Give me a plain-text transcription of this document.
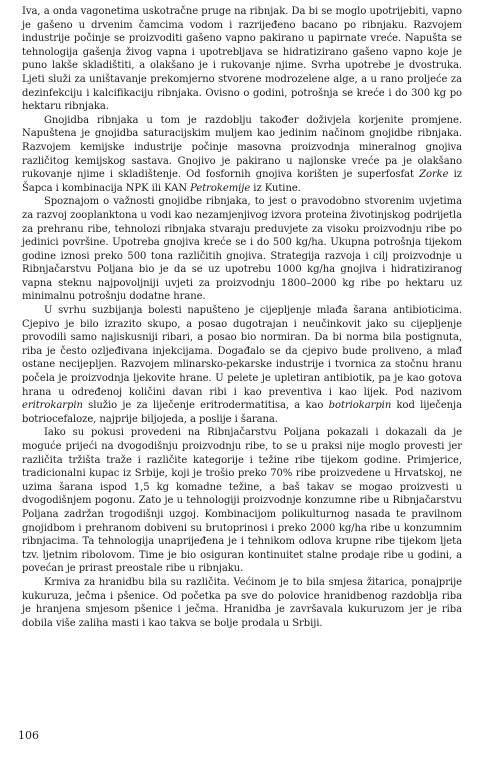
Iva, a onda vagonetima uskotračne pruge na ribnjak. Da bi se moglo upotrijebiti, vapno je gašeno u drvenim čamcima vodom i razrijeđeno bacano po ribnjaku. Razvojem industrije počinje se proizvoditi gašeno vapno pakirano u papirnate vreće. Napušta se tehnologija gašenja živog vapna i upotrebljava se hidratizirano gašeno vapno koje je puno lakše skladištiti, a olakšano je i rukovanje njime. Svrha upotrebe je dvostruka. Ljeti služi za uništavanje prekomjerno stvorene modrozelene alge, a u rano proljeće za dezinfekciju i kalcifikaciju ribnjaka. Ovisno o godini, potrošnja se kreće i do 300 kg po hektaru ribnjaka.

Gnojidba ribnjaka u tom je razdoblju također doživjela korjenite promjene. Napuštena je gnojidba saturacijskim muljem kao jedinim načinom gnojidbe ribnjaka. Razvojem kemijske industrije počinje masovna proizvodnja mineralnog gnojiva različitog kemijskog sastava. Gnojivo je pakirano u najlonske vreće pa je olakšano rukovanje njime i skladištenje. Od fosfornih gnojiva korišten je superfosfat Zorke iz Šapca i kombinacija NPK ili KAN Petrokemije iz Kutine.

Spoznajom o važnosti gnojidbe ribnjaka, to jest o pravodobno stvorenim uvjetima za razvoj zooplanktona u vodi kao nezamjenjivog izvora proteina životinjskog podrijetla za prehranu ribe, tehnolozi ribnjaka stvaraju preduvjete za visoku proizvodnju ribe po jedinici površine. Upotreba gnojiva kreće se i do 500 kg/ha. Ukupna potrošnja tijekom godine iznosi preko 500 tona različitih gnojiva. Strategija razvoja i cilj proizvodnje u Ribnjačarstvu Poljana bio je da se uz upotrebu 1000 kg/ha gnojiva i hidratiziranog vapna steknu najpovoljniji uvjeti za proizvodnju 1800–2000 kg ribe po hektaru uz minimalnu potrošnju dodatne hrane.

U svrhu suzbijanja bolesti napušteno je cijepljenje mlađa šarana antibioticima. Cjepivo je bilo izrazito skupo, a posao dugotrajan i neučinkovit jako su cijepljenje provodili samo najiskusniji ribari, a posao bio normiran. Da bi norma bila postignuta, riba je često ozljeđivana injekcijama. Događalo se da cjepivo bude proliveno, a mlađ ostane necijepljen. Razvojem mlinarsko-pekarske industrije i tvornica za stočnu hranu počela je proizvodnja ljekovite hrane. U pelete je upletiran antibiotik, pa je kao gotova hrana u određenoj količini davan ribi i kao preventiva i kao lijek. Pod nazivom eritrokarpin služio je za liječenje eritrodermatitisa, a kao botriokarpin kod liječenja botriocefaloze, najprije biljojeda, a poslije i šarana.

Iako su pokusi provedeni na Ribnjačarstvu Poljana pokazali i dokazali da je moguće prijeći na dvogodišnju proizvodnju ribe, to se u praksi nije moglo provesti jer različita tržišta traže i različite kategorije i težine ribe tijekom godine. Primjerice, tradicionalni kupac iz Srbije, koji je trošio preko 70% ribe proizvedene u Hrvatskoj, ne uzima šarana ispod 1,5 kg komadne težine, a baš takav se mogao proizvesti u dvogodišnjem pogonu. Zato je u tehnologiji proizvodnje konzumne ribe u Ribnjačarstvu Poljana zadržan trogodišnji uzgoj. Kombinacijom polikulturnog nasada te pravilnom gnojidbom i prehranom dobiveni su brutoprinosi i preko 2000 kg/ha ribe u konzumnim ribnjacima. Ta tehnologija unaprijeđena je i tehnikom odlova krupne ribe tijekom ljeta tzv. ljetnim ribolovom. Time je bio osiguran kontinuitet stalne prodaje ribe u godini, a povećan je prirast preostale ribe u ribnjaku.

Krmiva za hranidbu bila su različita. Većinom je to bila smjesa žitarica, ponajprije kukuruza, ječma i pšenice. Od početka pa sve do polovice hranidbenog razdoblja riba je hranjena smjesom pšenice i ječma. Hranidba je završavala kukuruzom jer je riba dobila više zaliha masti i kao takva se bolje prodala u Srbiji.

106
